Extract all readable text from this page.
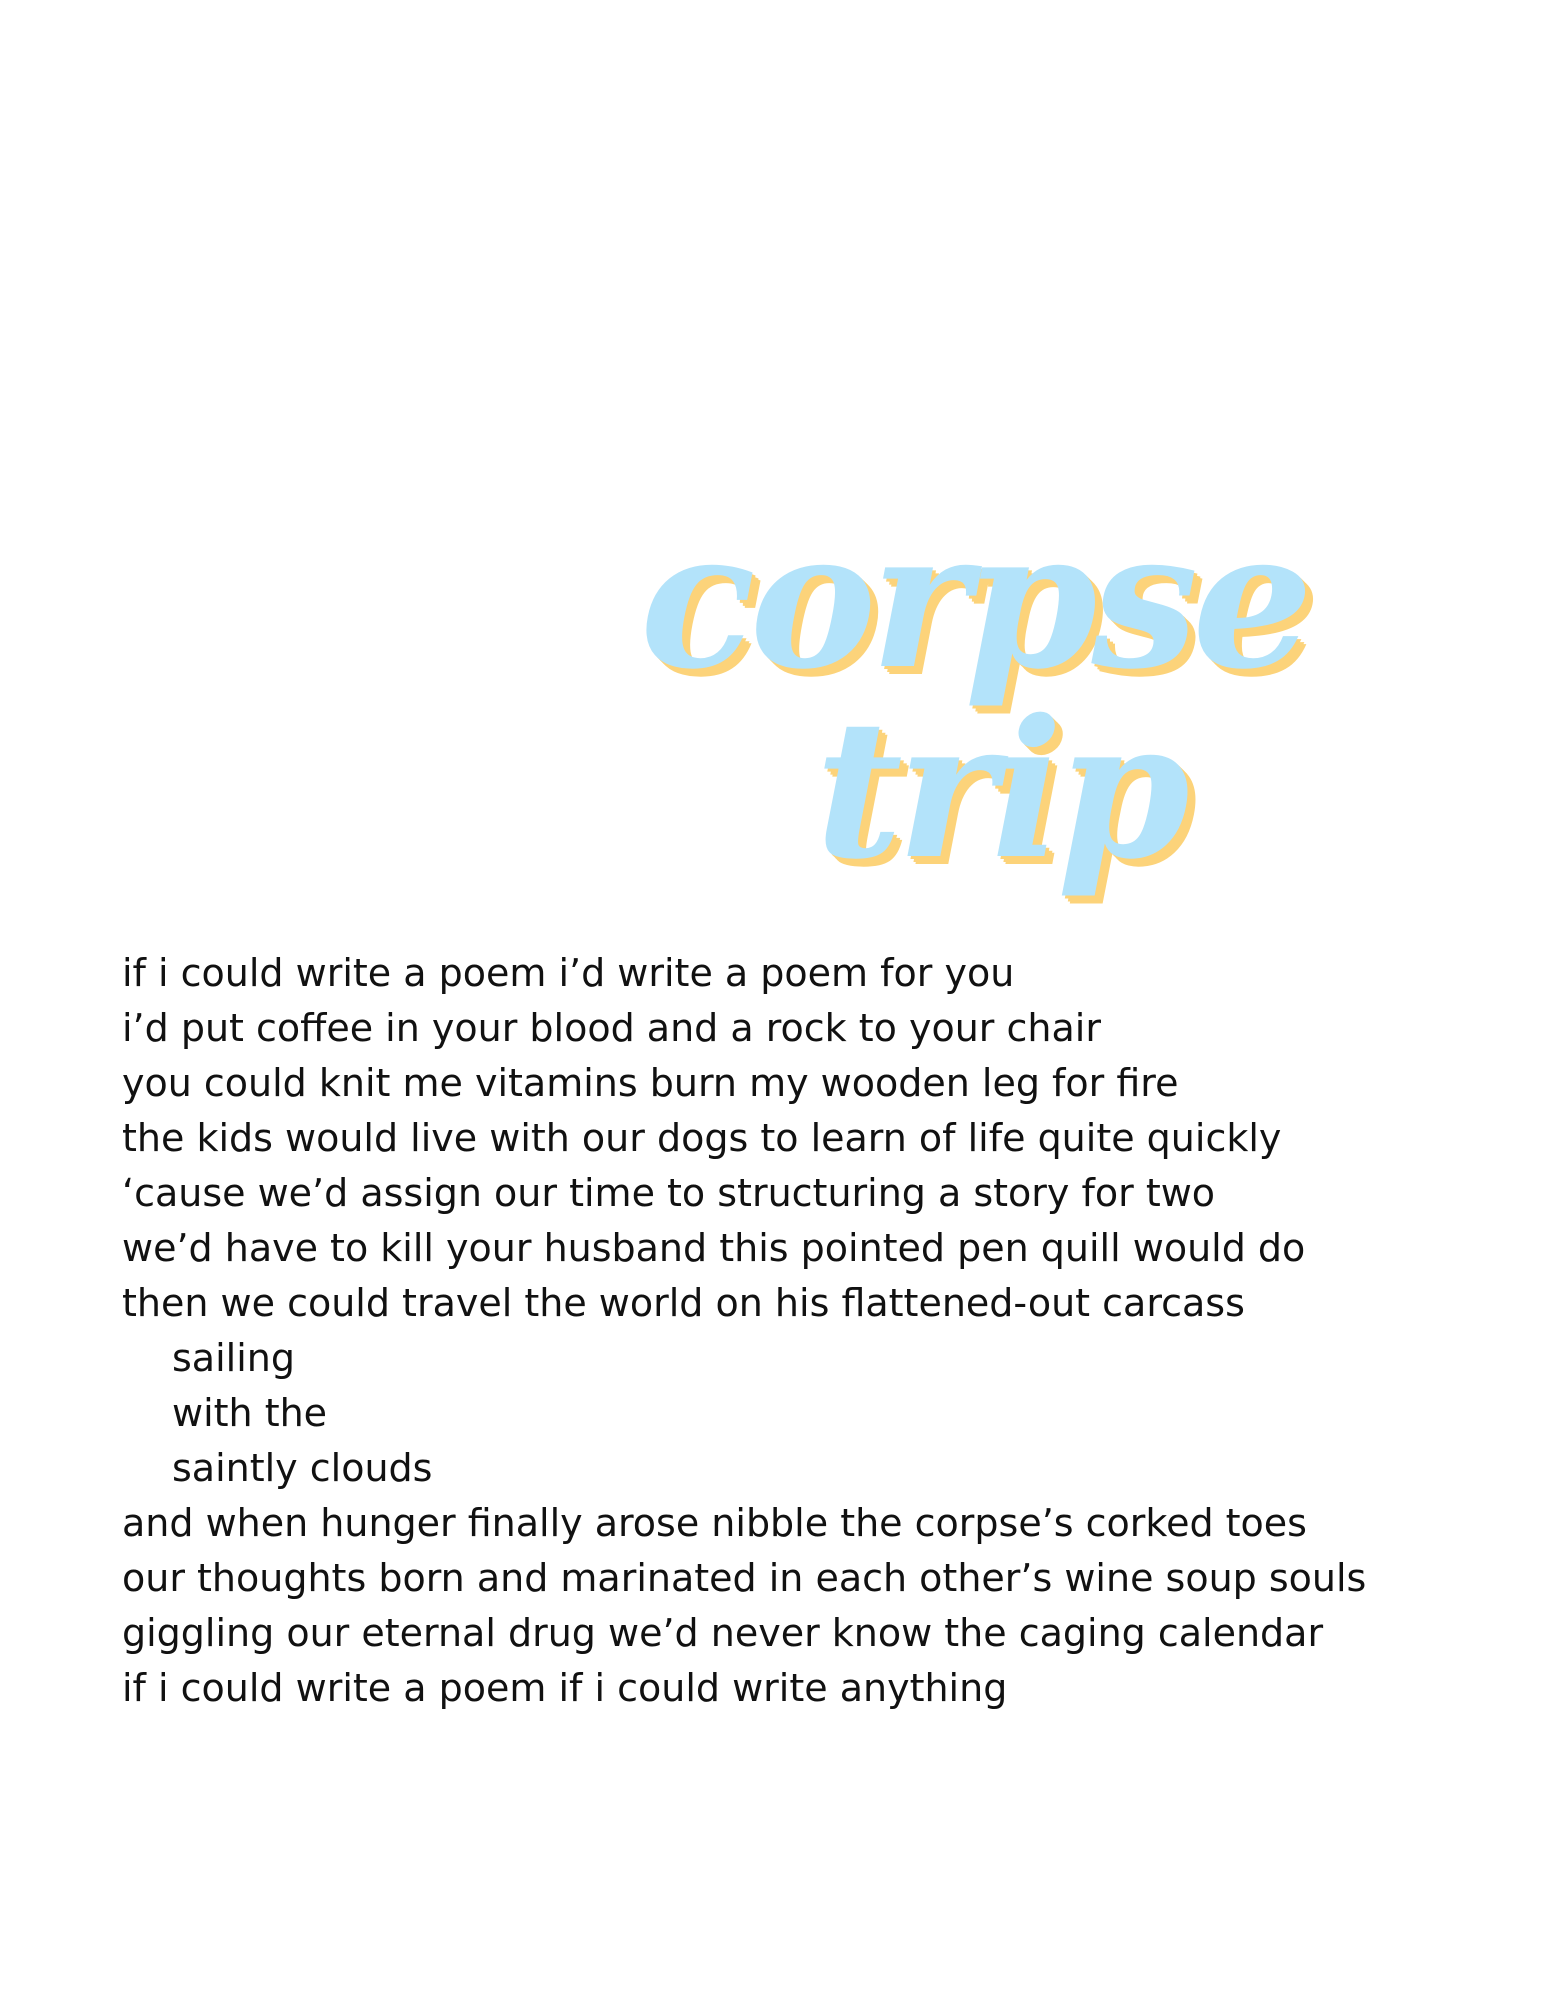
corpse
trip
if i could write a poem i’d write a poem for you
i’d put coffee in your blood and a rock to your chair
you could knit me vitamins burn my wooden leg for fire
the kids would live with our dogs to learn of life quite quickly
‘cause we’d assign our time to structuring a story for two
we’d have to kill your husband this pointed pen quill would do
then we could travel the world on his flattened-out carcass
sailing
with the
saintly clouds
and when hunger finally arose nibble the corpse’s corked toes
our thoughts born and marinated in each other’s wine soup souls
giggling our eternal drug we’d never know the caging calendar
if i could write a poem if i could write anything
